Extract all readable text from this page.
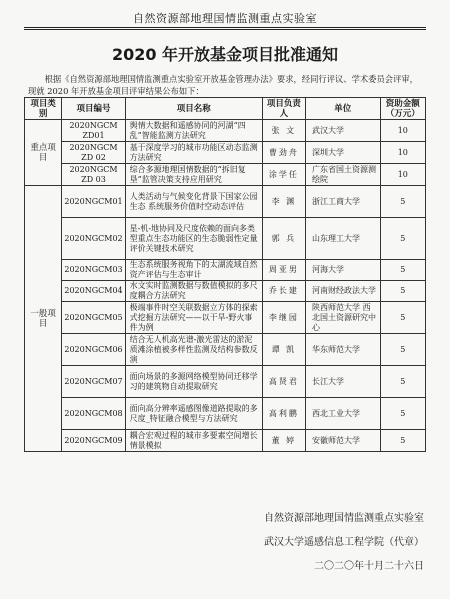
自然资源部地理国情监测重点实验室
2020 年开放基金项目批准通知
根据《自然资源部地理国情监测重点实验室开放基金管理办法》要求，经同行评议、学术委员会评审，现就 2020 年开放基金项目评审结果公布如下：
项目类别	项目编号	项目名称	项目负责人	单位	资助金额（万元）
重点项目	2020NGCM ZD01	舆情大数据和遥感协同的河湖“四乱”智能监测方法研究	张 文	武汉大学	10
	2020NGCM ZD 02	基于深度学习的城市功能区动态监测方法研究	曹劲舟	深圳大学	10
	2020NGCM ZD 03	综合多源地理国情数据的“拆旧复垦”监管决策支持应用研究	涂学任	广东省国土资源测绘院	10
一般项目	2020NGCM01	人类活动与气候变化背景下国家公园生态 系统服务价值时空动态评估	李 渊	浙江工商大学	5
	2020NGCM02	星-机-地协同及尺度依赖的面向多类型重点生态功能区的生态脆弱性定量评价关键技术研究	郭 兵	山东理工大学	5
	2020NGCM03	生态系统服务视角下的太湖流域自然资产评估与生态审计	周亚男	河海大学	5
	2020NGCM04	水文实时监测数据与数值模拟的多尺度耦合方法研究	乔长建	河南财经政法大学	5
	2020NGCM05	极端事件时空关联数据立方体的探索式挖掘方法研究——以干旱-野火事件为例	李继园	陕西师范大学 西北国土资源研究中心	5
	2020NGCM06	结合无人机高光谱-激光雷达的淤泥质滩涂植被多样性监测及结构参数反演	谭 凯	华东师范大学	5
	2020NGCM07	面向场景的多源网络模型协同迁移学习的建筑物自动提取研究	高贤君	长江大学	5
	2020NGCM08	面向高分辨率遥感图像道路提取的多尺度_特征融合模型与方法研究	高利鹏	西北工业大学	5
	2020NGCM09	耦合宏观过程的城市多要素空间增长情景模拟	董 婷	安徽师范大学	5
自然资源部地理国情监测重点实验室
武汉大学遥感信息工程学院（代章）
二〇二〇年十月二十六日
